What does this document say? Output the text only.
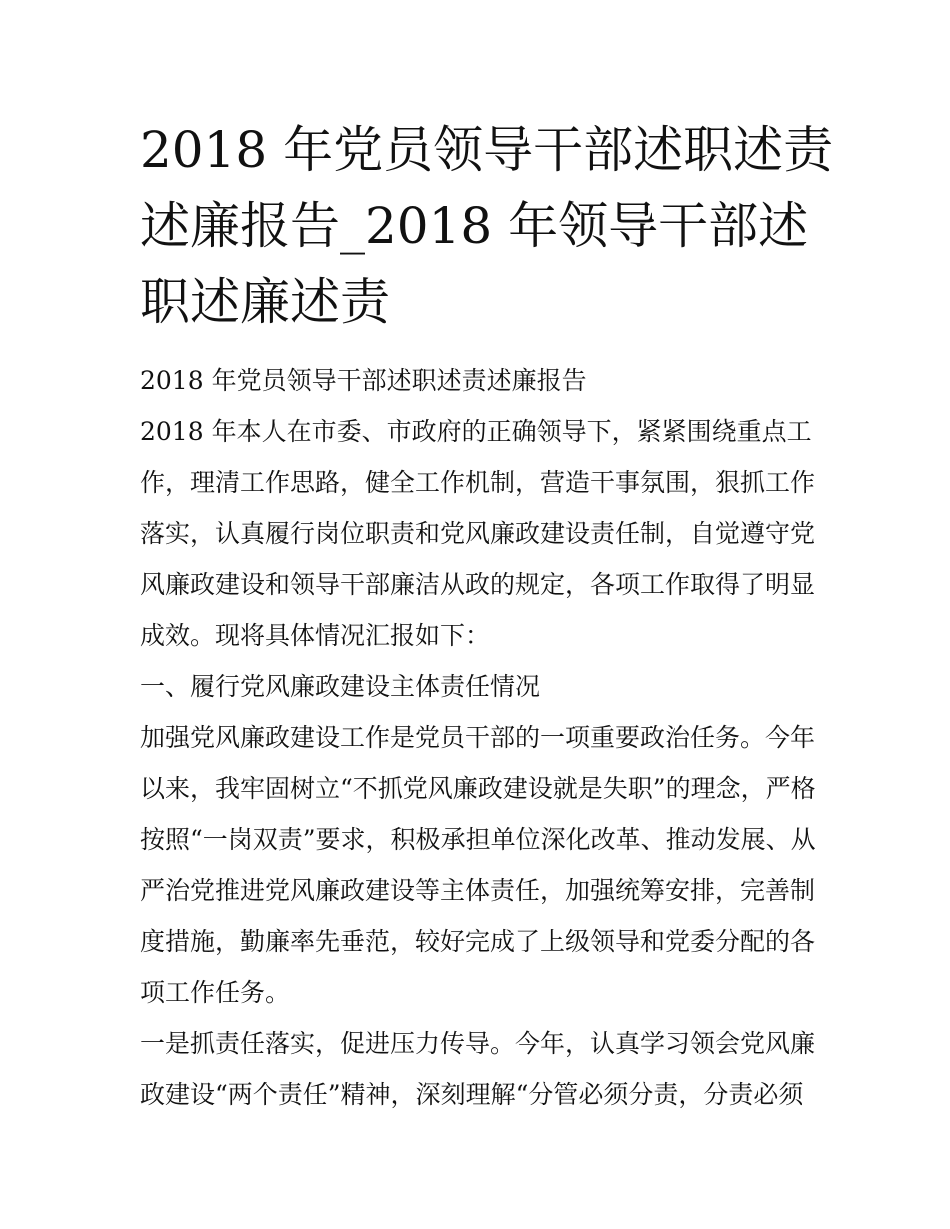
2018 年党员领导干部述职述责
述廉报告_2018 年领导干部述
职述廉述责
2018 年党员领导干部述职述责述廉报告
2018 年本人在市委、市政府的正确领导下，紧紧围绕重点工
作，理清工作思路，健全工作机制，营造干事氛围，狠抓工作
落实，认真履行岗位职责和党风廉政建设责任制，自觉遵守党
风廉政建设和领导干部廉洁从政的规定，各项工作取得了明显
成效。现将具体情况汇报如下：
一、履行党风廉政建设主体责任情况
加强党风廉政建设工作是党员干部的一项重要政治任务。今年
以来，我牢固树立“不抓党风廉政建设就是失职”的理念，严格
按照“一岗双责”要求，积极承担单位深化改革、推动发展、从
严治党推进党风廉政建设等主体责任，加强统筹安排，完善制
度措施，勤廉率先垂范，较好完成了上级领导和党委分配的各
项工作任务。
一是抓责任落实，促进压力传导。今年，认真学习领会党风廉
政建设“两个责任”精神，深刻理解“分管必须分责，分责必须
